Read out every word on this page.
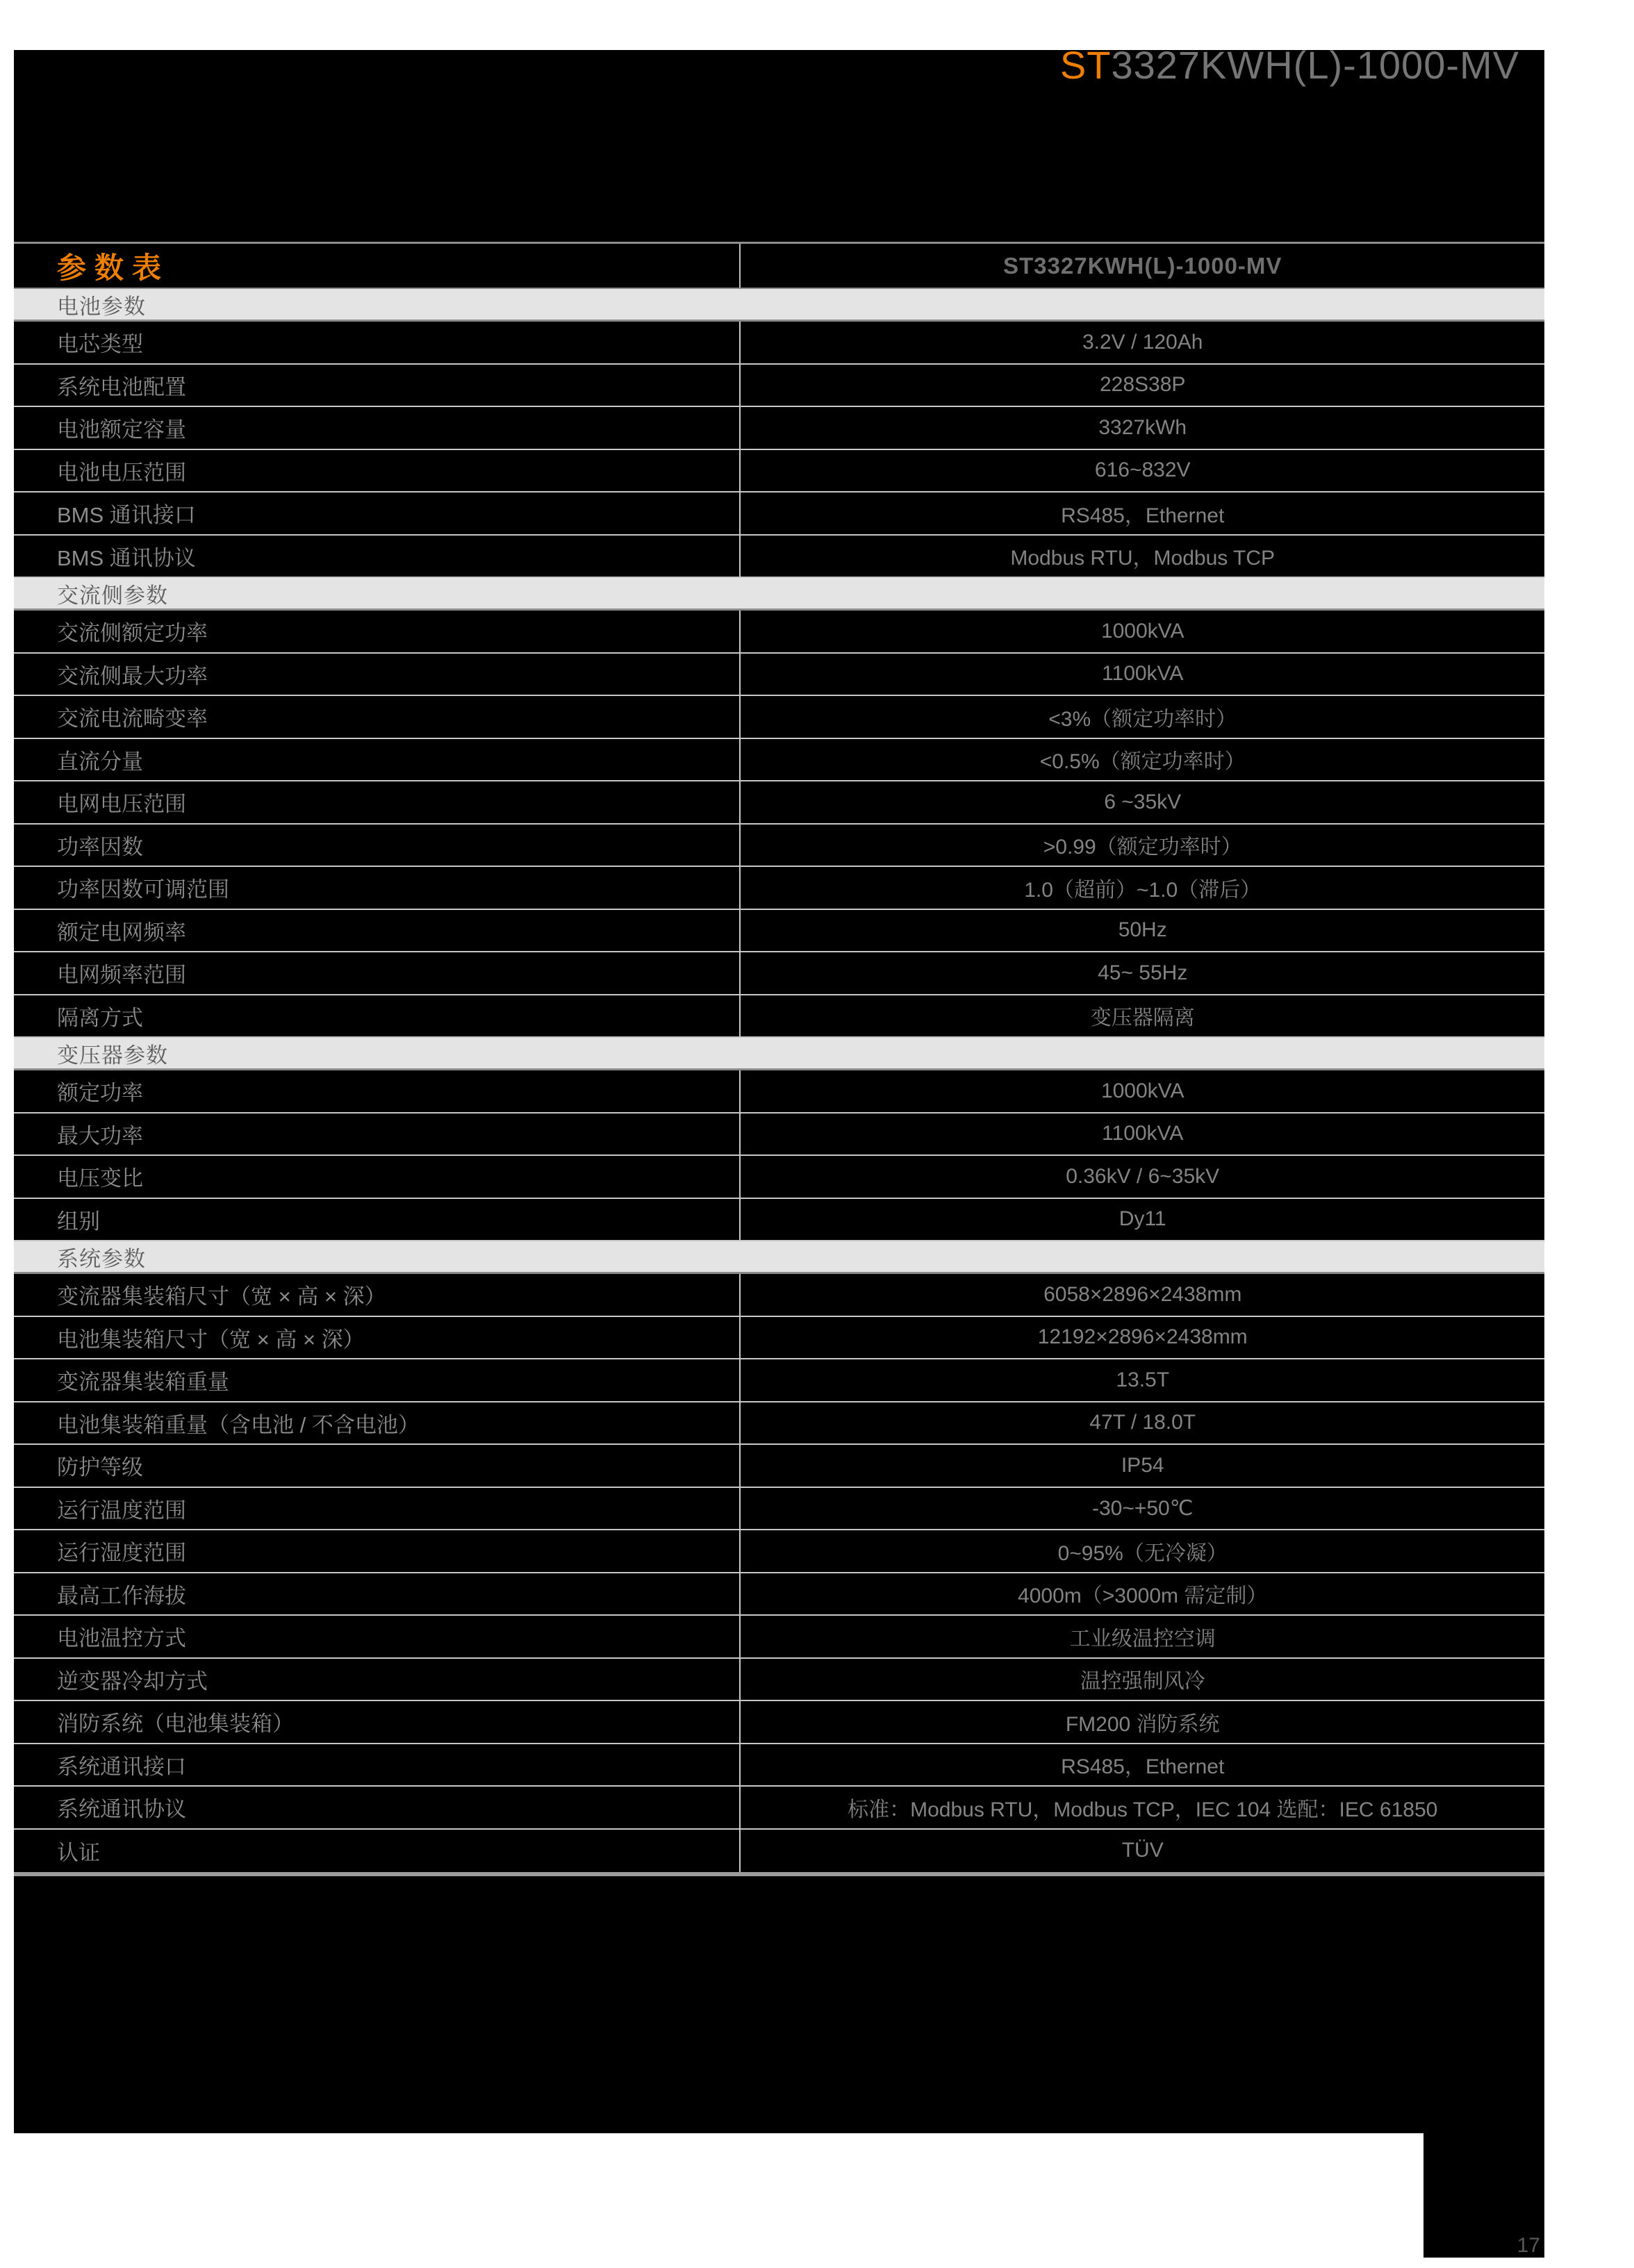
ST3327KWH(L)-1000-MV
参数表	ST3327KWH(L)-1000-MV
电池参数
电芯类型	3.2V / 120Ah
系统电池配置	228S38P
电池额定容量	3327kWh
电池电压范围	616~832V
BMS 通讯接口	RS485，Ethernet
BMS 通讯协议	Modbus RTU，Modbus TCP
交流侧参数
交流侧额定功率	1000kVA
交流侧最大功率	1100kVA
交流电流畸变率	<3%（额定功率时）
直流分量	<0.5%（额定功率时）
电网电压范围	6 ~35kV
功率因数	>0.99（额定功率时）
功率因数可调范围	1.0（超前）~1.0（滞后）
额定电网频率	50Hz
电网频率范围	45~ 55Hz
隔离方式	变压器隔离
变压器参数
额定功率	1000kVA
最大功率	1100kVA
电压变比	0.36kV / 6~35kV
组别	Dy11
系统参数
变流器集装箱尺寸（宽 × 高 × 深）	6058×2896×2438mm
电池集装箱尺寸（宽 × 高 × 深）	12192×2896×2438mm
变流器集装箱重量	13.5T
电池集装箱重量（含电池 / 不含电池）	47T / 18.0T
防护等级	IP54
运行温度范围	-30~+50℃
运行湿度范围	0~95%（无冷凝）
最高工作海拔	4000m（>3000m 需定制）
电池温控方式	工业级温控空调
逆变器冷却方式	温控强制风冷
消防系统（电池集装箱）	FM200 消防系统
系统通讯接口	RS485，Ethernet
系统通讯协议	标准：Modbus RTU，Modbus TCP，IEC 104 选配：IEC 61850
认证	TÜV
17
